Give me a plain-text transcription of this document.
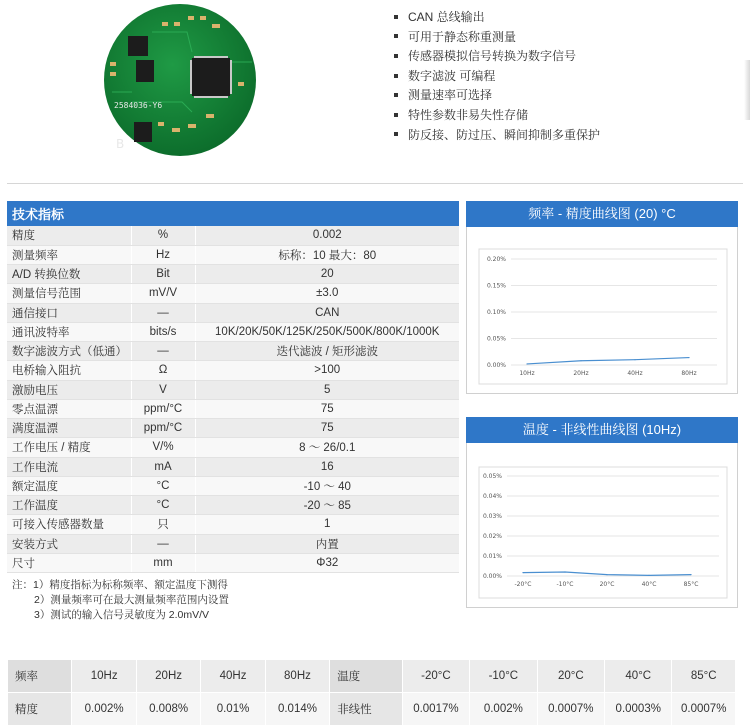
2584036-Y6
B
CAN 总线输出
可用于静态称重测量
传感器模拟信号转换为数字信号
数字滤波 可编程
测量速率可选择
特性参数非易失性存储
防反接、防过压、瞬间抑制多重保护
技术指标		
精度	%	0.002
测量频率	Hz	标称：10 最大：80
A/D 转换位数	Bit	20
测量信号范围	mV/V	±3.0
通信接口	—	CAN
通讯波特率	bits/s	10K/20K/50K/125K/250K/500K/800K/1000K
数字滤波方式（低通）	—	迭代滤波 / 矩形滤波
电桥输入阻抗	Ω	>100
激励电压	V	5
零点温漂	ppm/°C	75
满度温漂	ppm/°C	75
工作电压 / 精度	V/%	8 ～ 26/0.1
工作电流	mA	16
额定温度	°C	-10 ～ 40
工作温度	°C	-20 ～ 85
可接入传感器数量	只	1
安装方式	—	内置
尺寸	mm	Φ32
注：1）精度指标为标称频率、额定温度下测得
2）测量频率可在最大测量频率范围内设置
3）测试的输入信号灵敏度为 2.0mV/V
频率 - 精度曲线图 (20) °C
0.00%
0.05%
0.10%
0.15%
0.20%
10Hz	20Hz	40Hz	80Hz
温度 - 非线性曲线图 (10Hz)
0.00%
0.01%
0.02%
0.03%
0.04%
0.05%
-20°C	-10°C	20°C	40°C	85°C
频率	10Hz	20Hz	40Hz	80Hz	温度	-20°C	-10°C	20°C	40°C	85°C
精度	0.002%	0.008%	0.01%	0.014%	非线性	0.0017%	0.002%	0.0007%	0.0003%	0.0007%
